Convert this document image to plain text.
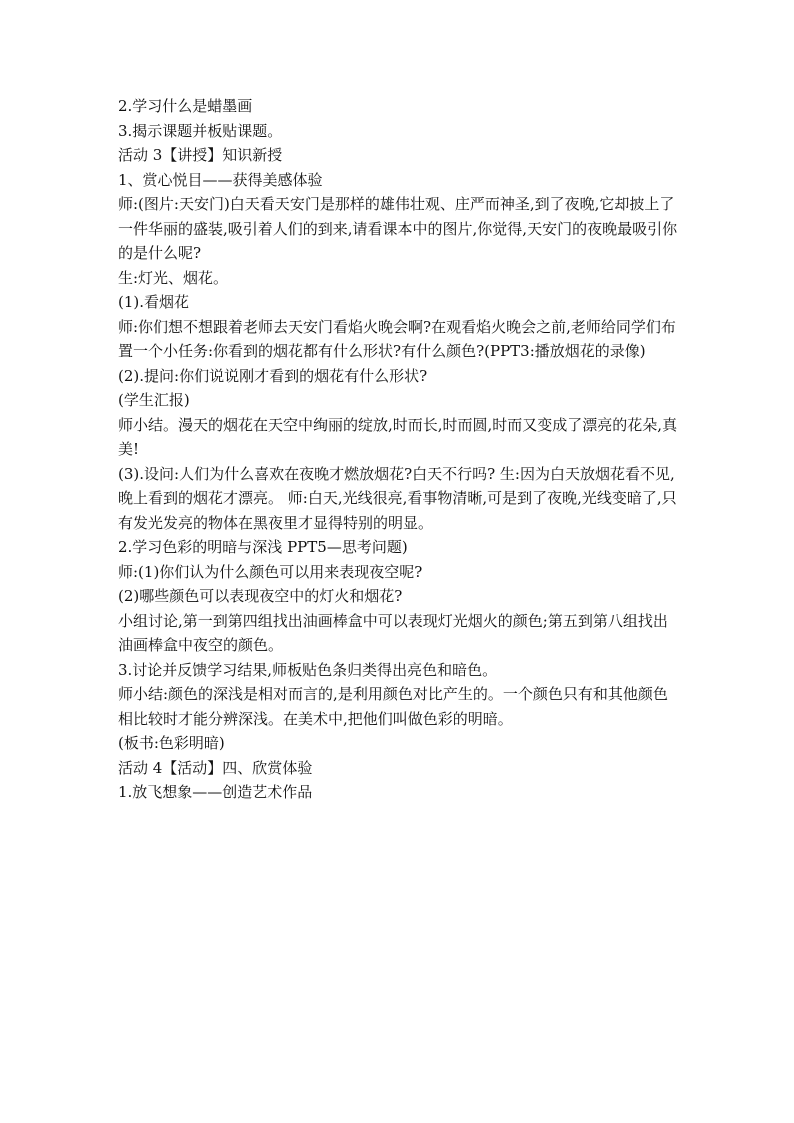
2.学习什么是蜡墨画

3.揭示课题并板贴课题。

活动 3【讲授】知识新授

1、赏心悦目——获得美感体验

师:(图片:天安门)白天看天安门是那样的雄伟壮观、庄严而神圣,到了夜晚,它却披上了一件华丽的盛装,吸引着人们的到来,请看课本中的图片,你觉得,天安门的夜晚最吸引你的是什么呢?

生:灯光、烟花。

(1).看烟花

师:你们想不想跟着老师去天安门看焰火晚会啊?在观看焰火晚会之前,老师给同学们布置一个小任务:你看到的烟花都有什么形状?有什么颜色?(PPT3:播放烟花的录像)

(2).提问:你们说说刚才看到的烟花有什么形状?

(学生汇报)

师小结。漫天的烟花在天空中绚丽的绽放,时而长,时而圆,时而又变成了漂亮的花朵,真美!

(3).设问:人们为什么喜欢在夜晚才燃放烟花?白天不行吗? 生:因为白天放烟花看不见,晚上看到的烟花才漂亮。 师:白天,光线很亮,看事物清晰,可是到了夜晚,光线变暗了,只有发光发亮的物体在黑夜里才显得特别的明显。

2.学习色彩的明暗与深浅 PPT5—思考问题)

师:(1)你们认为什么颜色可以用来表现夜空呢?

(2)哪些颜色可以表现夜空中的灯火和烟花?

小组讨论,第一到第四组找出油画棒盒中可以表现灯光烟火的颜色;第五到第八组找出油画棒盒中夜空的颜色。

3.讨论并反馈学习结果,师板贴色条归类得出亮色和暗色。

师小结:颜色的深浅是相对而言的,是利用颜色对比产生的。一个颜色只有和其他颜色相比较时才能分辨深浅。在美术中,把他们叫做色彩的明暗。

(板书:色彩明暗)

活动 4【活动】四、欣赏体验

1.放飞想象——创造艺术作品
